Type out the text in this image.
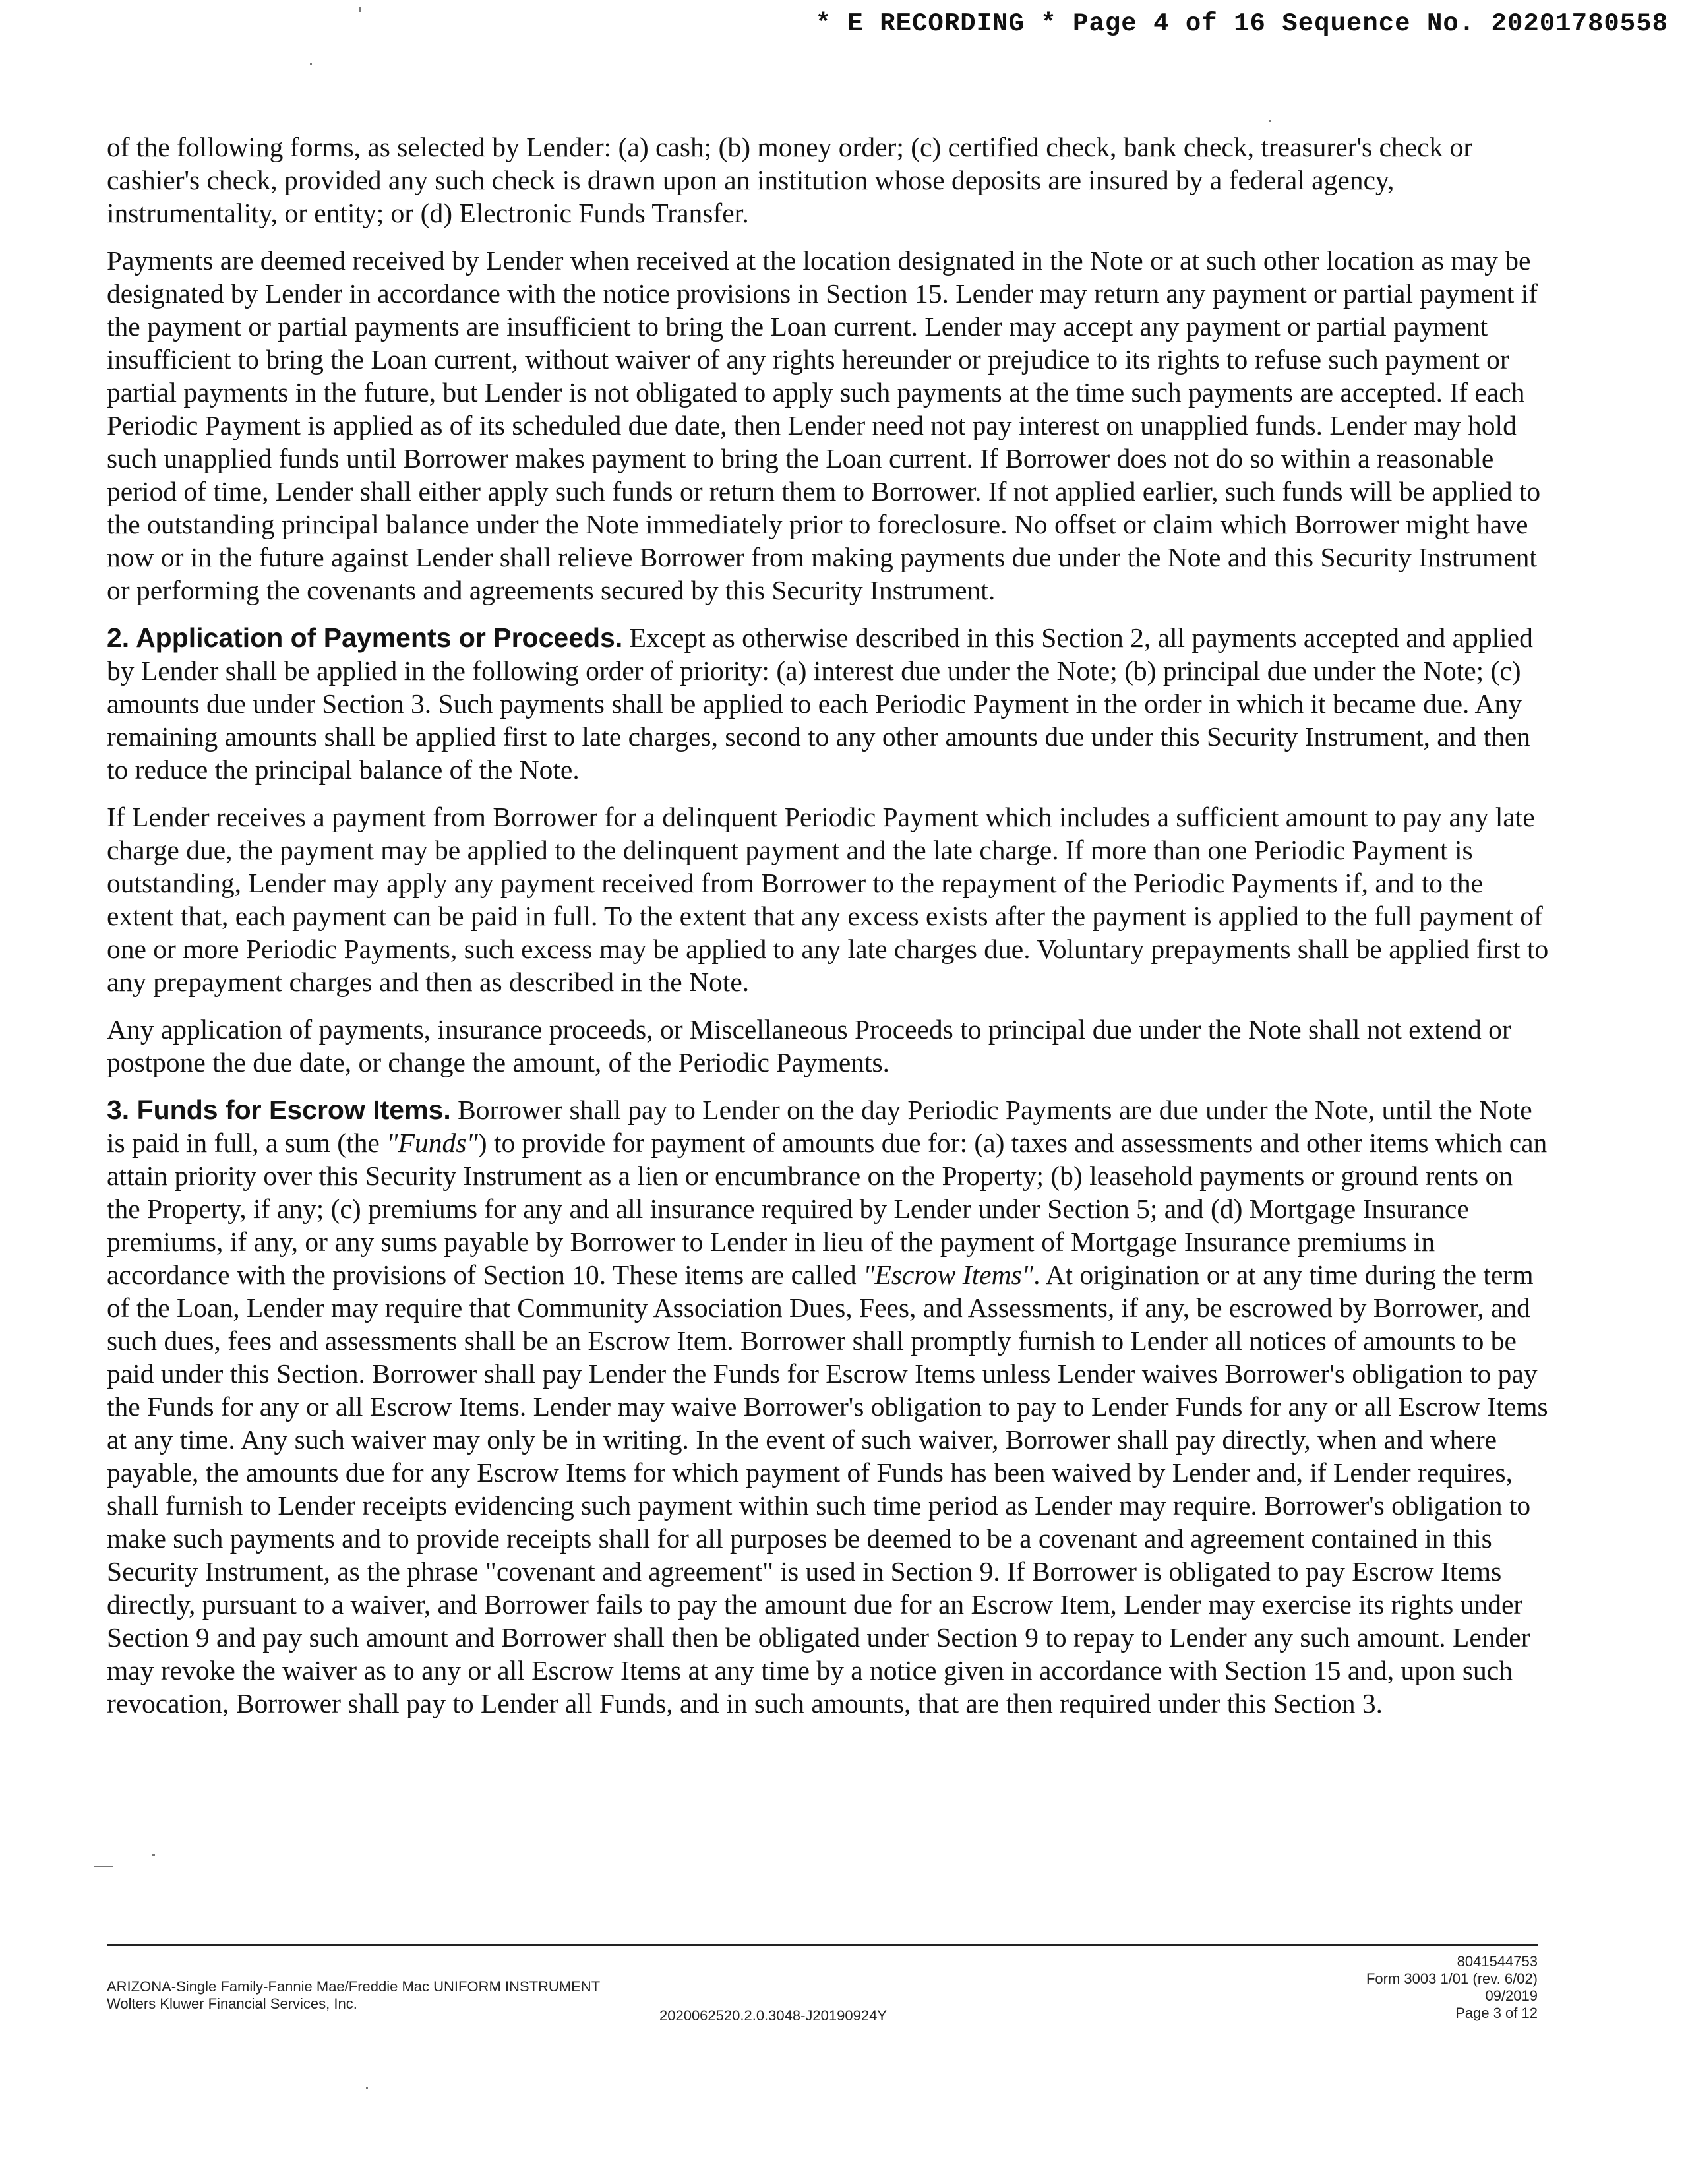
* E RECORDING * Page 4 of 16 Sequence No. 20201780558

of the following forms, as selected by Lender: (a) cash; (b) money order; (c) certified check, bank check, treasurer's check or cashier's check, provided any such check is drawn upon an institution whose deposits are insured by a federal agency, instrumentality, or entity; or (d) Electronic Funds Transfer.

Payments are deemed received by Lender when received at the location designated in the Note or at such other location as may be designated by Lender in accordance with the notice provisions in Section 15. Lender may return any payment or partial payment if the payment or partial payments are insufficient to bring the Loan current. Lender may accept any payment or partial payment insufficient to bring the Loan current, without waiver of any rights hereunder or prejudice to its rights to refuse such payment or partial payments in the future, but Lender is not obligated to apply such payments at the time such payments are accepted. If each Periodic Payment is applied as of its scheduled due date, then Lender need not pay interest on unapplied funds. Lender may hold such unapplied funds until Borrower makes payment to bring the Loan current. If Borrower does not do so within a reasonable period of time, Lender shall either apply such funds or return them to Borrower. If not applied earlier, such funds will be applied to the outstanding principal balance under the Note immediately prior to foreclosure. No offset or claim which Borrower might have now or in the future against Lender shall relieve Borrower from making payments due under the Note and this Security Instrument or performing the covenants and agreements secured by this Security Instrument.

2. Application of Payments or Proceeds. Except as otherwise described in this Section 2, all payments accepted and applied by Lender shall be applied in the following order of priority: (a) interest due under the Note; (b) principal due under the Note; (c) amounts due under Section 3. Such payments shall be applied to each Periodic Payment in the order in which it became due. Any remaining amounts shall be applied first to late charges, second to any other amounts due under this Security Instrument, and then to reduce the principal balance of the Note.

If Lender receives a payment from Borrower for a delinquent Periodic Payment which includes a sufficient amount to pay any late charge due, the payment may be applied to the delinquent payment and the late charge. If more than one Periodic Payment is outstanding, Lender may apply any payment received from Borrower to the repayment of the Periodic Payments if, and to the extent that, each payment can be paid in full. To the extent that any excess exists after the payment is applied to the full payment of one or more Periodic Payments, such excess may be applied to any late charges due. Voluntary prepayments shall be applied first to any prepayment charges and then as described in the Note.

Any application of payments, insurance proceeds, or Miscellaneous Proceeds to principal due under the Note shall not extend or postpone the due date, or change the amount, of the Periodic Payments.

3. Funds for Escrow Items. Borrower shall pay to Lender on the day Periodic Payments are due under the Note, until the Note is paid in full, a sum (the "Funds") to provide for payment of amounts due for: (a) taxes and assessments and other items which can attain priority over this Security Instrument as a lien or encumbrance on the Property; (b) leasehold payments or ground rents on the Property, if any; (c) premiums for any and all insurance required by Lender under Section 5; and (d) Mortgage Insurance premiums, if any, or any sums payable by Borrower to Lender in lieu of the payment of Mortgage Insurance premiums in accordance with the provisions of Section 10. These items are called "Escrow Items". At origination or at any time during the term of the Loan, Lender may require that Community Association Dues, Fees, and Assessments, if any, be escrowed by Borrower, and such dues, fees and assessments shall be an Escrow Item. Borrower shall promptly furnish to Lender all notices of amounts to be paid under this Section. Borrower shall pay Lender the Funds for Escrow Items unless Lender waives Borrower's obligation to pay the Funds for any or all Escrow Items. Lender may waive Borrower's obligation to pay to Lender Funds for any or all Escrow Items at any time. Any such waiver may only be in writing. In the event of such waiver, Borrower shall pay directly, when and where payable, the amounts due for any Escrow Items for which payment of Funds has been waived by Lender and, if Lender requires, shall furnish to Lender receipts evidencing such payment within such time period as Lender may require. Borrower's obligation to make such payments and to provide receipts shall for all purposes be deemed to be a covenant and agreement contained in this Security Instrument, as the phrase "covenant and agreement" is used in Section 9. If Borrower is obligated to pay Escrow Items directly, pursuant to a waiver, and Borrower fails to pay the amount due for an Escrow Item, Lender may exercise its rights under Section 9 and pay such amount and Borrower shall then be obligated under Section 9 to repay to Lender any such amount. Lender may revoke the waiver as to any or all Escrow Items at any time by a notice given in accordance with Section 15 and, upon such revocation, Borrower shall pay to Lender all Funds, and in such amounts, that are then required under this Section 3.

ARIZONA-Single Family-Fannie Mae/Freddie Mac UNIFORM INSTRUMENT
Wolters Kluwer Financial Services, Inc.
2020062520.2.0.3048-J20190924Y
8041544753
Form 3003 1/01 (rev. 6/02)
09/2019
Page 3 of 12
